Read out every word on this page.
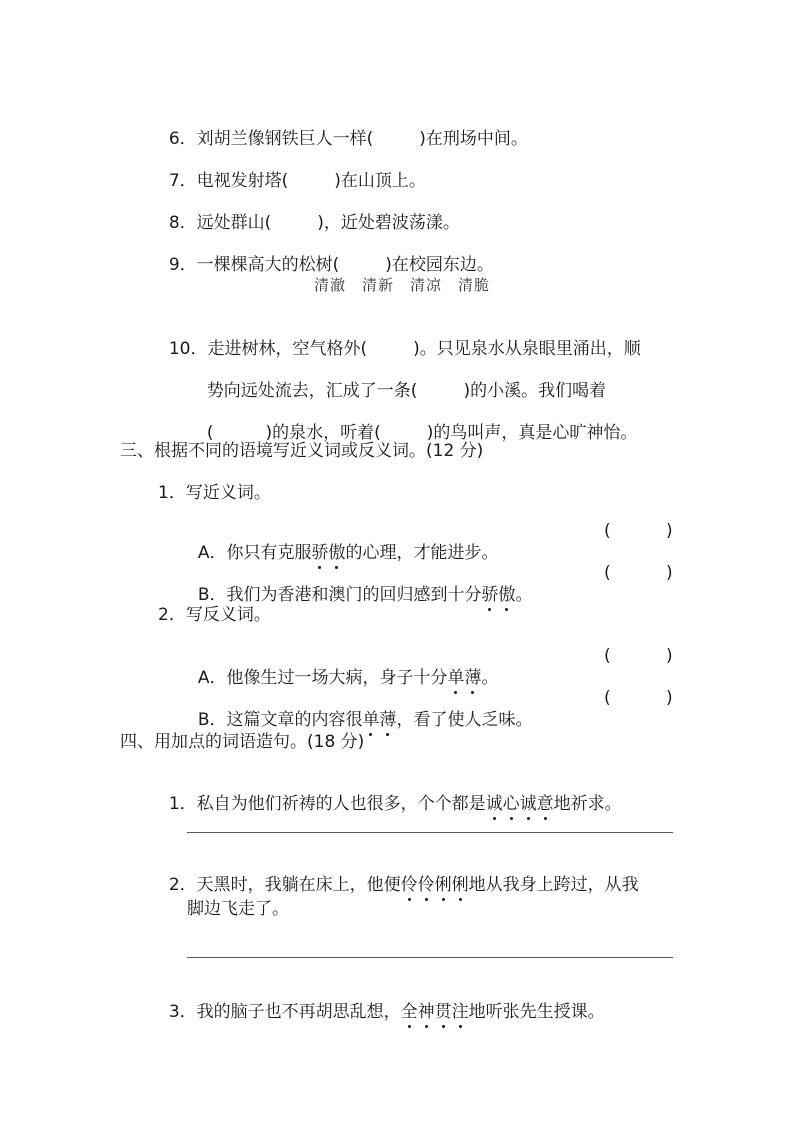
6．刘胡兰像钢铁巨人一样(	)在刑场中间。

7．电视发射塔(	)在山顶上。

8．远处群山(	)，近处碧波荡漾。

9．一棵棵高大的松树(	)在校园东边。

清澈　清新　清凉　清脆

10．走进树林，空气格外(	)。只见泉水从泉眼里涌出，顺

势向远处流去，汇成了一条(	)的小溪。我们喝着

(	)的泉水，听着(	)的鸟叫声，真是心旷神怡。

三、根据不同的语境写近义词或反义词。(12 分)
1．写近义词。

A．你只有克服骄傲的心理，才能进步。

(	)

B．我们为香港和澳门的回归感到十分骄傲。

(	)
2．写反义词。

A．他像生过一场大病，身子十分单薄。

(	)

B．这篇文章的内容很单薄，看了使人乏味。

(	)
四、用加点的词语造句。(18 分)

1．私自为他们祈祷的人也很多，个个都是诚心诚意地祈求。

2．天黑时，我躺在床上，他便伶伶俐俐地从我身上跨过，从我

脚边飞走了。

3．我的脑子也不再胡思乱想，全神贯注地听张先生授课。
